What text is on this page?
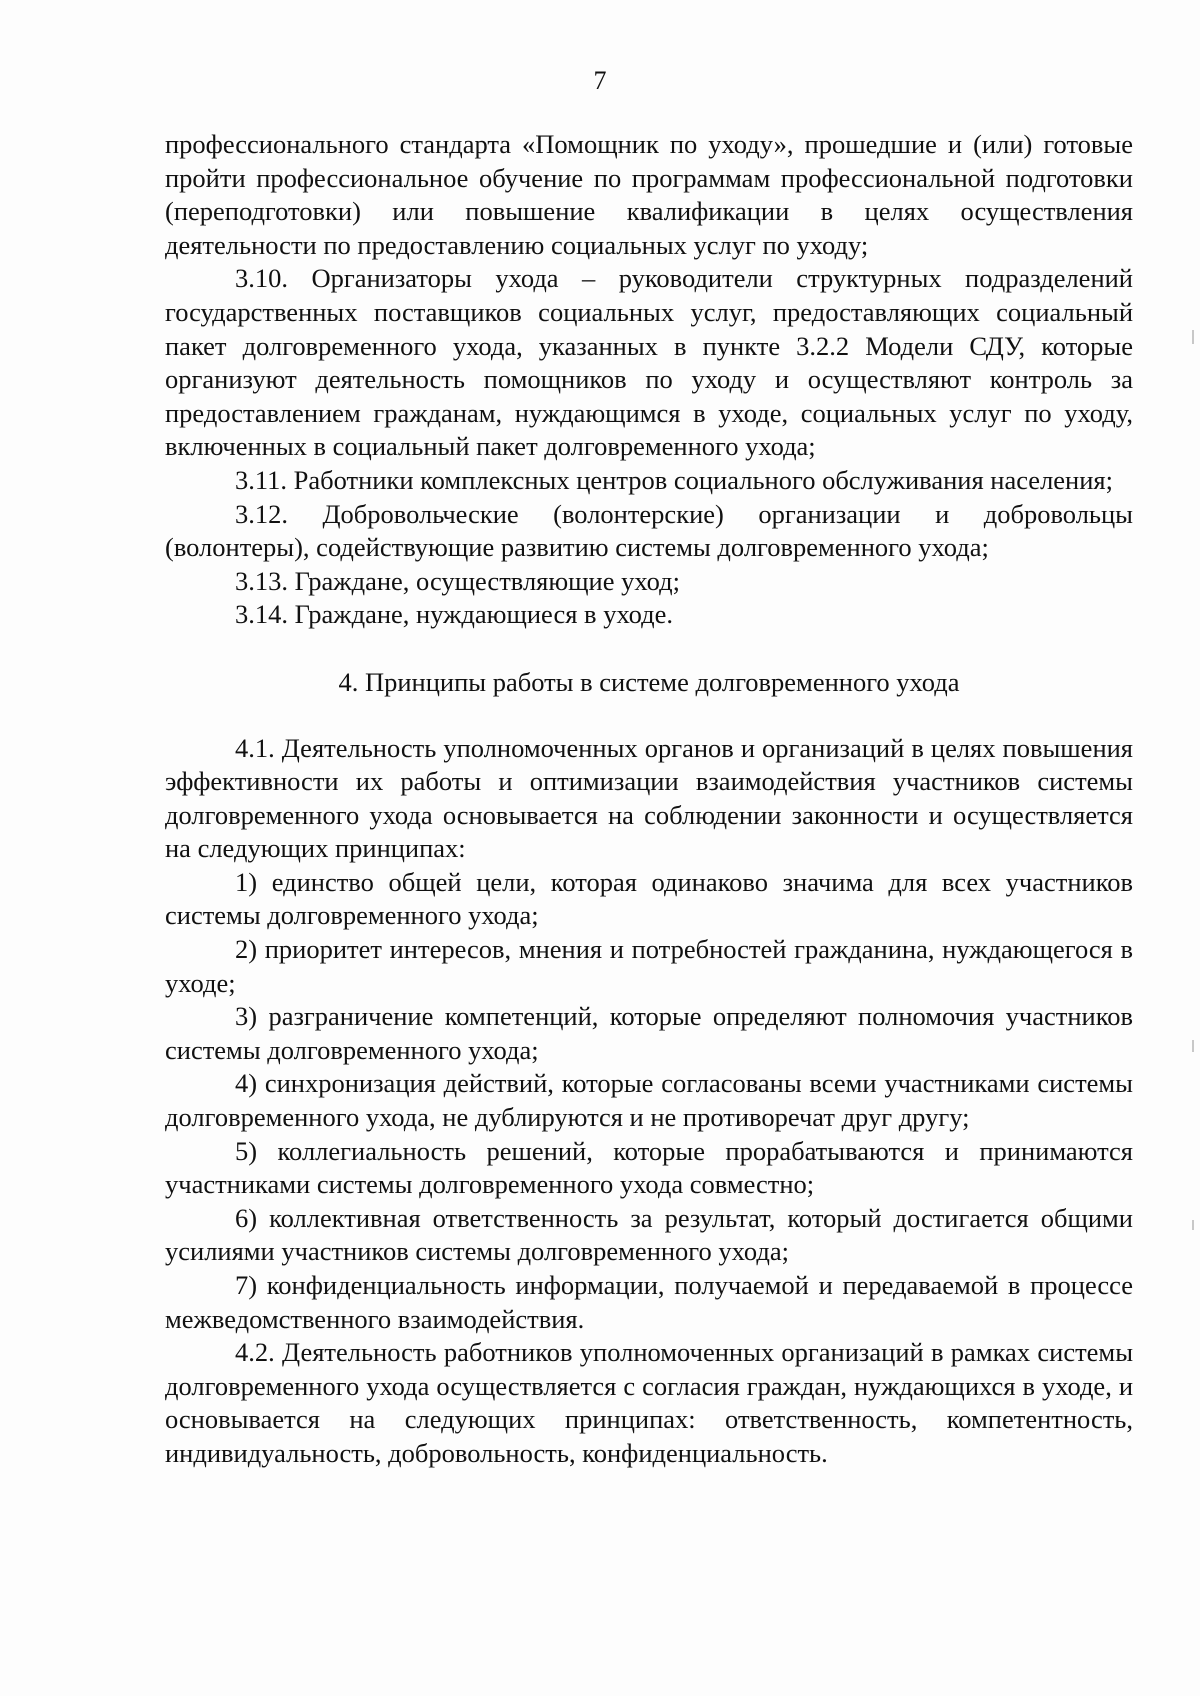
7

профессионального стандарта «Помощник по уходу», прошедшие и (или) готовые пройти профессиональное обучение по программам профессиональной подготовки (переподготовки) или повышение квалификации в целях осуществления деятельности по предоставлению социальных услуг по уходу;

3.10. Организаторы ухода – руководители структурных подразделений государственных поставщиков социальных услуг, предоставляющих социальный пакет долговременного ухода, указанных в пункте 3.2.2 Модели СДУ, которые организуют деятельность помощников по уходу и осуществляют контроль за предоставлением гражданам, нуждающимся в уходе, социальных услуг по уходу, включенных в социальный пакет долговременного ухода;

3.11. Работники комплексных центров социального обслуживания населения;

3.12. Добровольческие (волонтерские) организации и добровольцы (волонтеры), содействующие развитию системы долговременного ухода;

3.13. Граждане, осуществляющие уход;

3.14. Граждане, нуждающиеся в уходе.

4. Принципы работы в системе долговременного ухода

4.1. Деятельность уполномоченных органов и организаций в целях повышения эффективности их работы и оптимизации взаимодействия участников системы долговременного ухода основывается на соблюдении законности и осуществляется на следующих принципах:

1) единство общей цели, которая одинаково значима для всех участников системы долговременного ухода;

2) приоритет интересов, мнения и потребностей гражданина, нуждающегося в уходе;

3) разграничение компетенций, которые определяют полномочия участников системы долговременного ухода;

4) синхронизация действий, которые согласованы всеми участниками системы долговременного ухода, не дублируются и не противоречат друг другу;

5) коллегиальность решений, которые прорабатываются и принимаются участниками системы долговременного ухода совместно;

6) коллективная ответственность за результат, который достигается общими усилиями участников системы долговременного ухода;

7) конфиденциальность информации, получаемой и передаваемой в процессе межведомственного взаимодействия.

4.2. Деятельность работников уполномоченных организаций в рамках системы долговременного ухода осуществляется с согласия граждан, нуждающихся в уходе, и основывается на следующих принципах: ответственность, компетентность, индивидуальность, добровольность, конфиденциальность.
